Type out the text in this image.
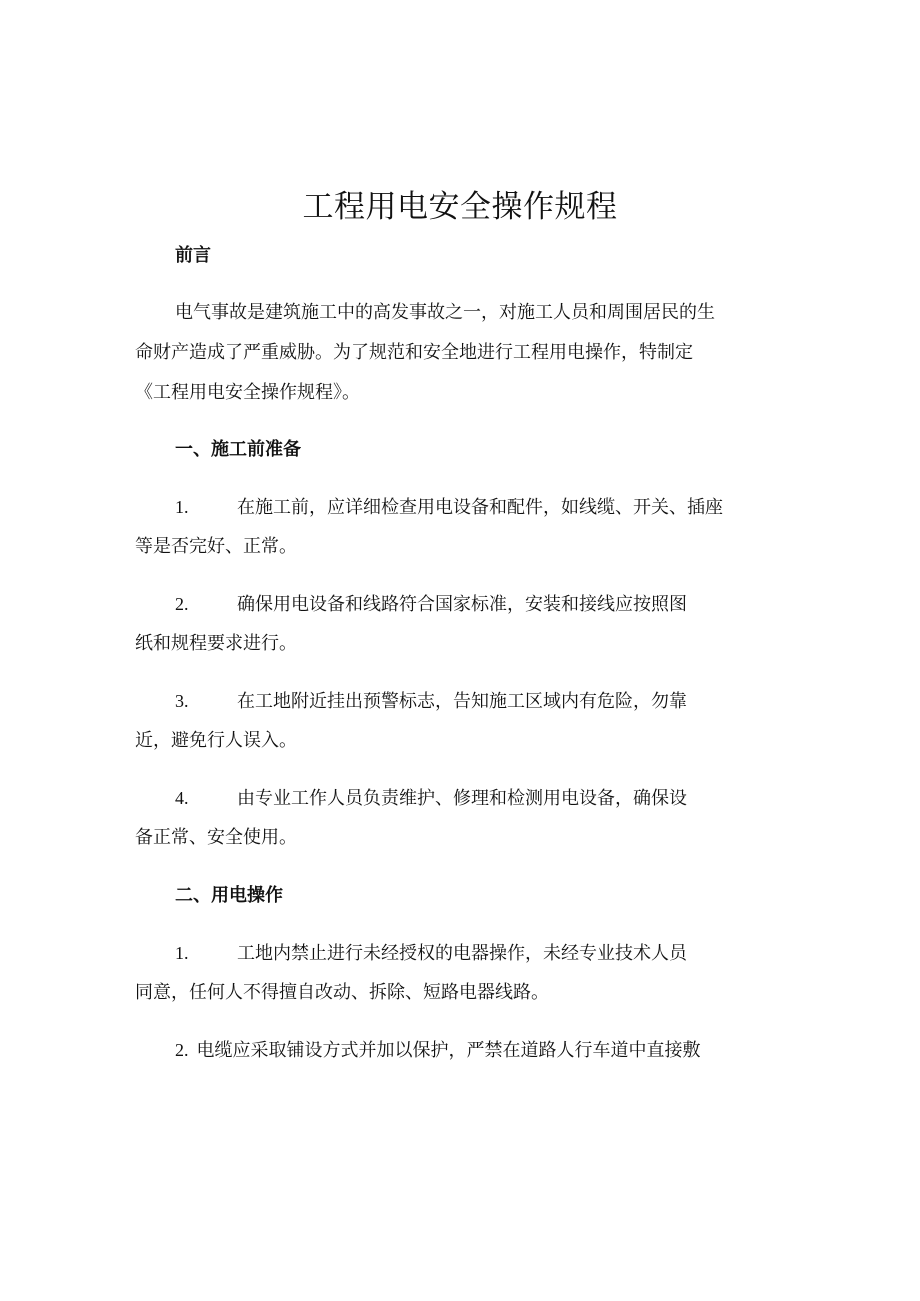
工程用电安全操作规程
前言

电气事故是建筑施工中的高发事故之一，对施工人员和周围居民的生
命财产造成了严重威胁。为了规范和安全地进行工程用电操作，特制定
《工程用电安全操作规程》。

一、施工前准备

1.	在施工前，应详细检查用电设备和配件，如线缆、开关、插座
等是否完好、正常。

2.	确保用电设备和线路符合国家标准，安装和接线应按照图
纸和规程要求进行。

3.	在工地附近挂出预警标志，告知施工区域内有危险，勿靠
近，避免行人误入。

4.	由专业工作人员负责维护、修理和检测用电设备，确保设
备正常、安全使用。

二、用电操作

1.	工地内禁止进行未经授权的电器操作，未经专业技术人员
同意，任何人不得擅自改动、拆除、短路电器线路。

2. 电缆应采取铺设方式并加以保护，严禁在道路人行车道中直接敷
